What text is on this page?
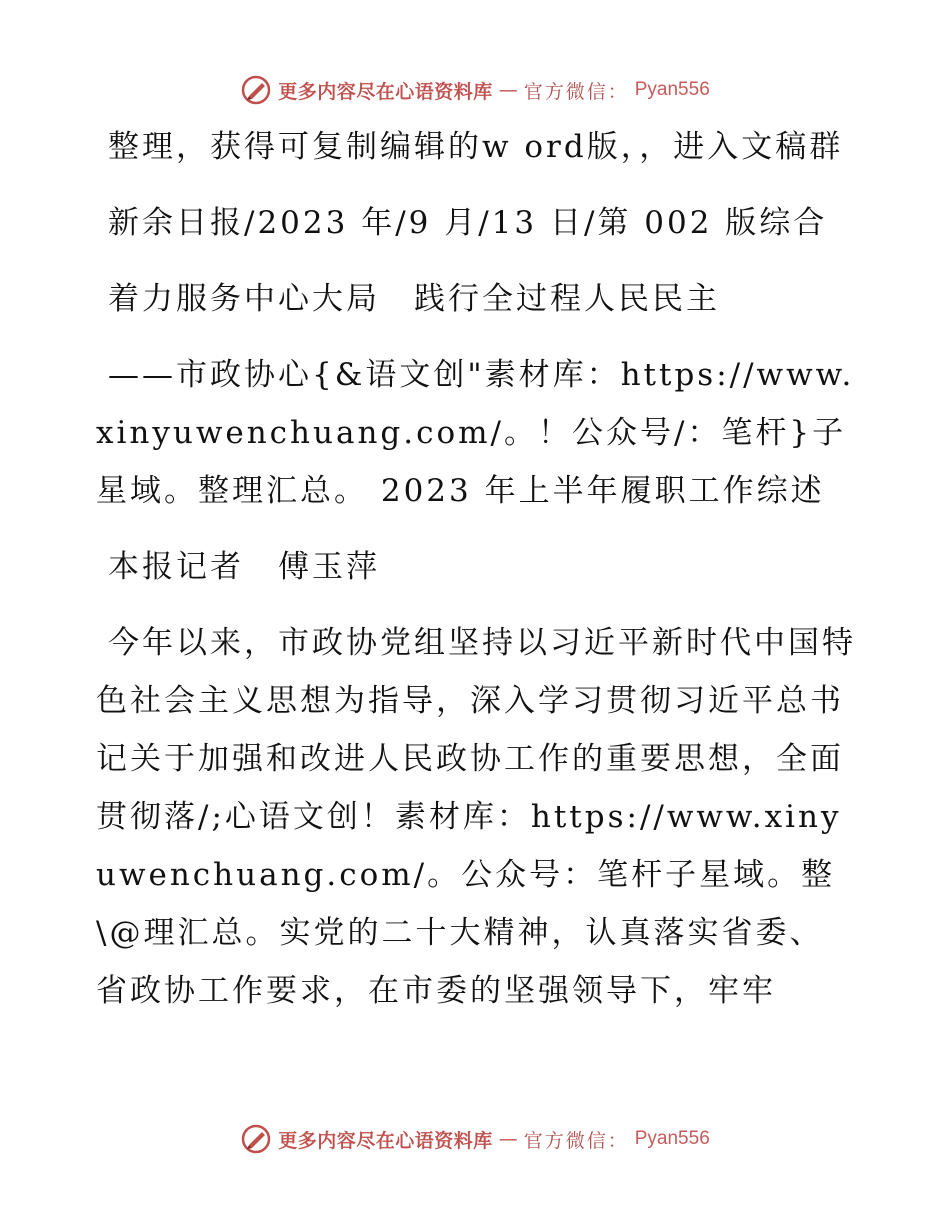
更多内容尽在心语资料库 — 官方微信： Pyan556

整理，获得可复制编辑的w ord版，，进入文稿群

新余日报/2023 年/9 月/13 日/第 002 版综合

着力服务中心大局　践行全过程人民民主

——市政协心{&语文创"素材库：https://www.xinyuwenchuang.com/。！公众号/：笔杆}子星域。整理汇总。 2023 年上半年履职工作综述

本报记者　傅玉萍

今年以来，市政协党组坚持以习近平新时代中国特色社会主义思想为指导，深入学习贯彻习近平总书记关于加强和改进人民政协工作的重要思想，全面贯彻落/;心语文创！素材库：https://www.xinyuwenchuang.com/。公众号：笔杆子星域。整\@理汇总。实党的二十大精神，认真落实省委、省政协工作要求，在市委的坚强领导下，牢牢

更多内容尽在心语资料库 — 官方微信： Pyan556
